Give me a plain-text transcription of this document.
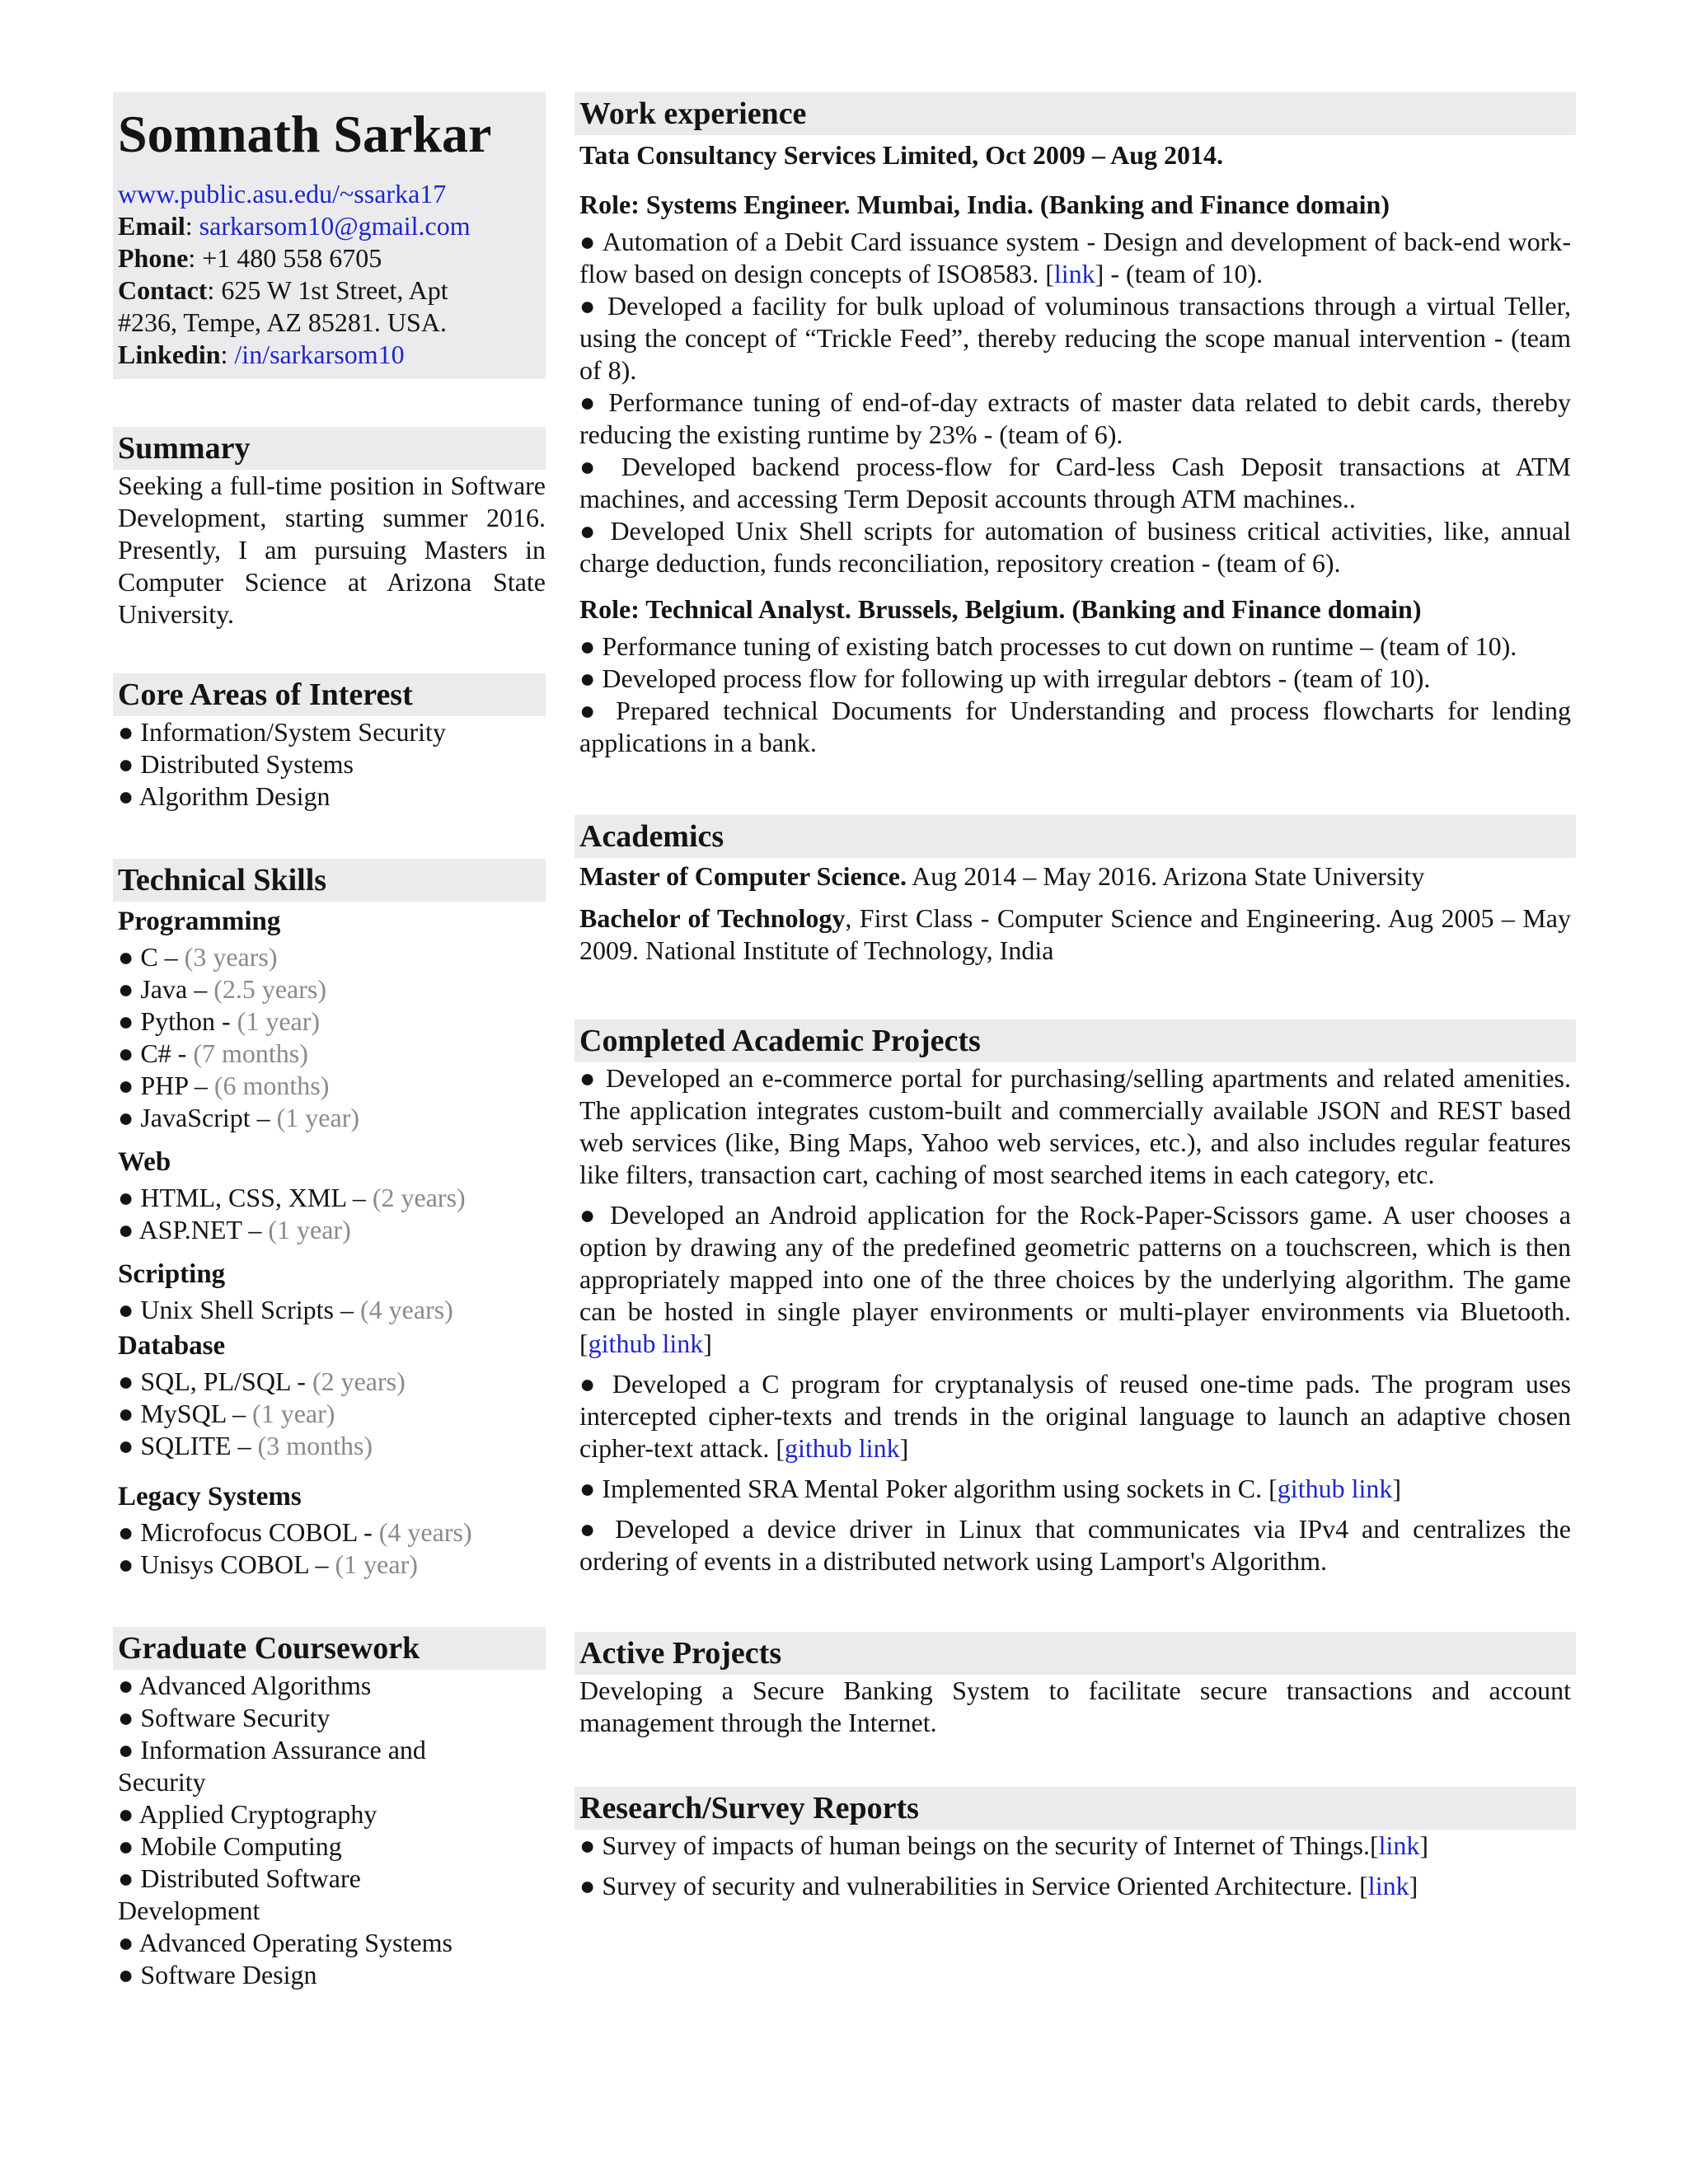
Somnath Sarkar
www.public.asu.edu/~ssarka17
Email: sarkarsom10@gmail.com
Phone: +1 480 558 6705
Contact: 625 W 1st Street, Apt
#236, Tempe, AZ 85281. USA.
Linkedin: /in/sarkarsom10
Summary
Seeking a full-time position in Software Development, starting summer 2016. Presently, I am pursuing Masters in Computer Science at Arizona State University.
Core Areas of Interest
● Information/System Security
● Distributed Systems
● Algorithm Design
Technical Skills
Programming
● C – (3 years)
● Java – (2.5 years)
● Python - (1 year)
● C# - (7 months)
● PHP – (6 months)
● JavaScript – (1 year)
Web
● HTML, CSS, XML – (2 years)
● ASP.NET – (1 year)
Scripting
● Unix Shell Scripts – (4 years)
Database
● SQL, PL/SQL - (2 years)
● MySQL – (1 year)
● SQLITE – (3 months)
Legacy Systems
● Microfocus COBOL - (4 years)
● Unisys COBOL – (1 year)
Graduate Coursework
● Advanced Algorithms
● Software Security
● Information Assurance and Security
● Applied Cryptography
● Mobile Computing
● Distributed Software Development
● Advanced Operating Systems
● Software Design
Work experience
Tata Consultancy Services Limited, Oct 2009 – Aug 2014.
Role: Systems Engineer. Mumbai, India. (Banking and Finance domain)
● Automation of a Debit Card issuance system - Design and development of back-end work-flow based on design concepts of ISO8583. [link] - (team of 10).
● Developed a facility for bulk upload of voluminous transactions through a virtual Teller, using the concept of “Trickle Feed”, thereby reducing the scope manual intervention - (team of 8).
● Performance tuning of end-of-day extracts of master data related to debit cards, thereby reducing the existing runtime by 23% - (team of 6).
● Developed backend process-flow for Card-less Cash Deposit transactions at ATM machines, and accessing Term Deposit accounts through ATM machines..
● Developed Unix Shell scripts for automation of business critical activities, like, annual charge deduction, funds reconciliation, repository creation - (team of 6).
Role: Technical Analyst. Brussels, Belgium. (Banking and Finance domain)
● Performance tuning of existing batch processes to cut down on runtime – (team of 10).
● Developed process flow for following up with irregular debtors - (team of 10).
● Prepared technical Documents for Understanding and process flowcharts for lending applications in a bank.
Academics
Master of Computer Science. Aug 2014 – May 2016. Arizona State University
Bachelor of Technology, First Class - Computer Science and Engineering. Aug 2005 – May 2009. National Institute of Technology, India
Completed Academic Projects
● Developed an e-commerce portal for purchasing/selling apartments and related amenities. The application integrates custom-built and commercially available JSON and REST based web services (like, Bing Maps, Yahoo web services, etc.), and also includes regular features like filters, transaction cart, caching of most searched items in each category, etc.
● Developed an Android application for the Rock-Paper-Scissors game. A user chooses a option by drawing any of the predefined geometric patterns on a touchscreen, which is then appropriately mapped into one of the three choices by the underlying algorithm. The game can be hosted in single player environments or multi-player environments via Bluetooth. [github link]
● Developed a C program for cryptanalysis of reused one-time pads. The program uses intercepted cipher-texts and trends in the original language to launch an adaptive chosen cipher-text attack. [github link]
● Implemented SRA Mental Poker algorithm using sockets in C. [github link]
● Developed a device driver in Linux that communicates via IPv4 and centralizes the ordering of events in a distributed network using Lamport's Algorithm.
Active Projects
Developing a Secure Banking System to facilitate secure transactions and account management through the Internet.
Research/Survey Reports
● Survey of impacts of human beings on the security of Internet of Things.[link]
● Survey of security and vulnerabilities in Service Oriented Architecture. [link]
